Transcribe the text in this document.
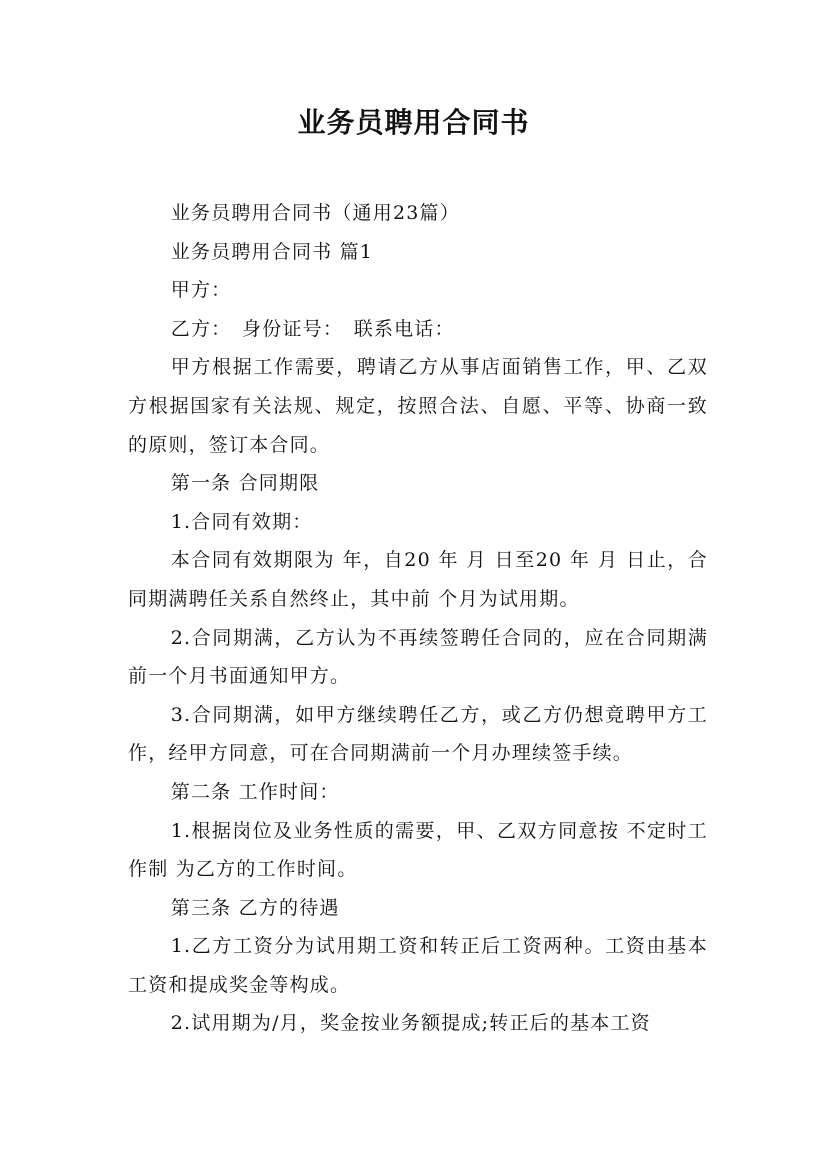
业务员聘用合同书

业务员聘用合同书（通用23篇）

业务员聘用合同书 篇1

甲方：

乙方：　身份证号：　联系电话：

甲方根据工作需要，聘请乙方从事店面销售工作，甲、乙双方根据国家有关法规、规定，按照合法、自愿、平等、协商一致的原则，签订本合同。

第一条 合同期限

1.合同有效期：

本合同有效期限为 年，自20 年 月 日至20 年 月 日止，合同期满聘任关系自然终止，其中前 个月为试用期。

2.合同期满，乙方认为不再续签聘任合同的，应在合同期满前一个月书面通知甲方。

3.合同期满，如甲方继续聘任乙方，或乙方仍想竟聘甲方工作，经甲方同意，可在合同期满前一个月办理续签手续。

第二条 工作时间：

1.根据岗位及业务性质的需要，甲、乙双方同意按 不定时工作制 为乙方的工作时间。

第三条 乙方的待遇

1.乙方工资分为试用期工资和转正后工资两种。工资由基本工资和提成奖金等构成。

2.试用期为/月，奖金按业务额提成;转正后的基本工资
